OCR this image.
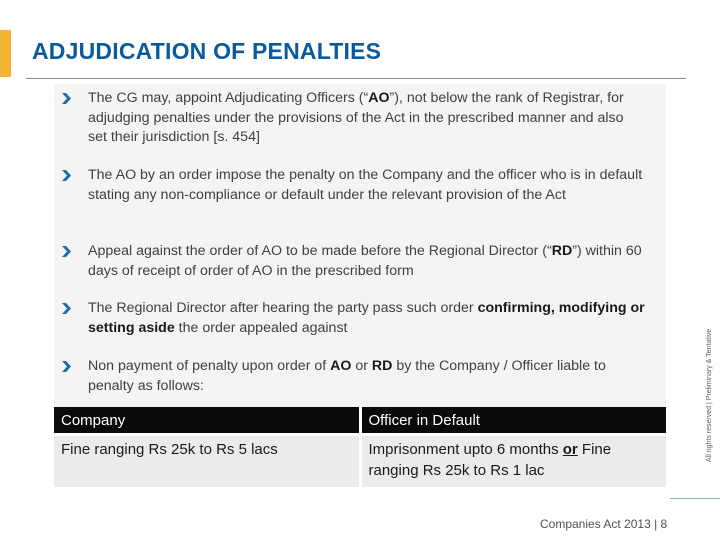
ADJUDICATION OF PENALTIES
The CG may, appoint Adjudicating Officers (“AO”), not below the rank of Registrar, for adjudging penalties under the provisions of the Act in the prescribed manner and also set their jurisdiction [s. 454]
The AO by an order impose the penalty on the Company and the officer who is in default stating any non-compliance or default under the relevant provision of the Act
Appeal against the order of AO to be made before the Regional Director (“RD”) within 60 days of receipt of order of AO in the prescribed form
The Regional Director after hearing the party pass such order confirming, modifying or setting aside the order appealed against
Non payment of penalty upon order of AO or RD by the Company / Officer liable to penalty as follows:
Company	Officer in Default
Fine ranging Rs 25k to Rs 5 lacs	Imprisonment upto 6 months or Fine ranging Rs 25k to Rs 1 lac
Companies Act 2013 | 8
All rights reserved | Preliminary & Tentative
